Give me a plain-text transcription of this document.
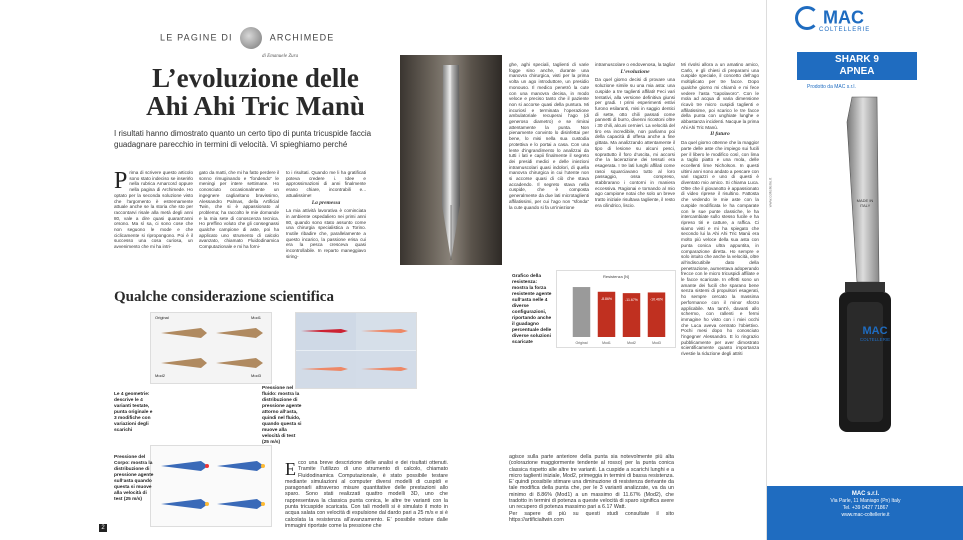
LE PAGINE DI	ARCHIMEDE
di Emanuele Zura
L’evoluzione delle
Ahi Ahi Tric Manù
I risultati hanno dimostrato quanto un certo tipo di punta tricuspide faccia guadagnare parecchio in termini di velocità. Vi spieghiamo perché
Prima di scrivere questo articolo sono stato indeciso se inserirlo nella rubrica Amarcord oppure nella pagina di Archimede. Ho optato per la seconda soluzione visto che l’argomento è estremamente attuale anche se la storia che sto per raccontarvi risale alla metà degli anni 80, vale a dire quasi quarant’anni orsono. Ma sì sa, ci sono cose che non seguono le mode e che ciclicamente si ripropongono. Poi è il successo una cosa curiosa, un avvenimento che mi ha intri-
gato da matti, che mi ha fatto perdere il sonno rimuginando e “fondendo” le meningi per intere settimane. Ho conosciuto occasionalmente un ingegnere cagliaritano bravissimo, Alessandro Palmas, della Artificial Twin, che si è appassionato al problema; ha raccolto le mie domande e la mia sete di conoscenza tecnica. Ho preffino voluto che gli consegnassi qualche campione di aste, poi ha applicato uno strumento di calcolo avanzato, chiamato Fluidodinamica Computazionale e mi ha forni-
to i risultati. Quando me li ha gratificati poteva credere i. Idee e approssimazioni di anni finalmente erano chiare, incontrabili e... attualissime!
La premessa
La mia attività lavorativa è cominciata in ambiente ospedaliero nei primi anni 80, quando sono stato assunto come una chirurgia specialistica a Torino. Inutile ribadire che, parallelamente a questo incarico, la passione erisa cui era la pesca cresceva quasi incontrollabile. In reparto maneggiavo siring-
ghe, aghi speciali, taglienti di varie fogge sino anche, durante una manovra chirurgica, visti per la prima volta un ago introduttore, un presidio monouso. Il medico penetrò la cute con una manovra decisa, in modo veloce e preciso tanto che il paziente non si accorse quasi della puntura. Mi incuriosì e terminata l’operazione ambulatoriale recuperai l’ago (di generoso diametro) e se rimirai attentamente la punta. Non pienamente convinto lo disinfettai per bene, lo misi nella sua custodia protettiva e lo portai a casa. Con una lente d’ingrandimento lo analizzai da tutti i lati e capii finalmente il segreto dei presidi medici e delle iniezioni intramuscolari quasi indolori, di quella manovra chirurgica in cui l’utente non si accorse quasi di ciò che stava accadendo. Il segreto stava nella cuspide, che è composta generalmente da due lati microtaglienti affilatissimi, per cui l’ago non “sfonda” la cute quando si fa un’iniezione
intramuscolare o endovenosa, la taglia!
L’evoluzione
Da quel giorno decisi di provare una soluzione simile su una mia asta: una cuspide a tre taglienti affilati! Feci vari tentativi, alla versione definitiva giunsi per gradi. I primi esperimenti estivi furono esilaranti, misi in saggio dentici di sette, otto chili passati come pannetti di burro, divenni ricostoni oltre i 30 chili, alcuni cernieri. La velocità del tiro era incredibile, non parliamo poi della capacità di offesa anche a fine gittata. Ma analizzando attentamente il tipo di lesione su alcuni pesci, soprattutto il foro d’uscita, mi accorsi che la lacerazione dei tessuti era esagerata. I tre lati lunghi affilati come rasoi squarciavano tutto al loro passaggio, ossa compreso, stabbrarano i contorni in maniera eccessiva. Ragionai e tornando al mio ago campione notai che solo un breve tratto iniziale risultava tagliente, il resto era cilindrico, liscio.
Mi rivolsi allora a un amatino amico, Carlo, e gli chiesi di preparami una cuspide speciale, il concetto dell’ago moltiplicato per tre facce. Dopo qualche giorno mi chiamò e mi fece vedere l’asta “capolavoro”. Con le mola ad acqua di varia dimensione ricavò tre micro cuspidi taglienti e affilatissime, poi scarico le tre facce della punta con unghiate lunghe e abbastanza incidenti. Nacque la prima Ahi Ahi Tric Manù.
Il futuro
Da quel giorno ottenne che la maggior parte delle aste che impiego sui fucili per il libero le modifico così, con lima a taglio piatto e una mola, delle eccellenti lime Nicholson. In questi ultimi anni sono andato a pescare con vari ragazzi e uno di questi è diventato mio amico. Si chiama Luca. Oltre che il giovanotto è appassionato di video riprese il risultino. Fattosta che vedendo le mie aste con la cuspide modificata le ha comparate con le sue punte classiche, le ha intercambiate sullo stesso fucile e ha ripreso tiri e catture, a raffica. Ci siamo visti e mi ha spiegato che secondo lui la Ahi Ahi Tric Manù era molto più veloce della sua asta con punta conica ultra appuntita, in comparazione diretta. Ho sempre e solo intuito che anche la velocità, oltre all’indiscutibile dato della penetrazione, aumentava adoperando frecce con le micro tricuspidi affilate e le facce scaricate. In effetti sono un amante dei fucili che sparano bene senza sistemi di propulsori esagerati, ho sempre cercato la massima performance con il minor sforzo applicabile. Ma tant’è, davanti allo schermo, con rallenti e fermi immagine ho visto con i miei occhi che Luca aveva centrato l’obiettivo. Pochi mesi dopo ho conosciuto l’ingegner Alessandro. E lo ringrazio pubblicamente per aver dimostrato scientificamente quanto importanza rivestie la riduzione degli attriti
Qualche considerazione scientifica
Original	Mod1
Mod2	Mod3
Le 4 geometrie: descrive le 4 varianti testate, punta originale e 3 modifiche con variazioni degli scarichi
Pressione nel fluido: mostra la distribuzione di pressione agente attorno all’asta, quindi nel fluido, quando questa si muove alla velocità di test (25 m/s)
Pressione del Corpo: mostra la distribuzione di pressione agente sull’asta quando questa si muove alla velocità di test (25 m/s)
Ecco una breve descrizione delle analisi e dei risultati ottenuti. Tramite l’utilizzo di uno strumento di calcolo, chiamato Fluidodinamica Computazionale, è stato possibile testare mediante simulazioni al computer diversi modelli di cuspidi e paragonarli attraverso misure quantitative delle prestazioni allo sparo. Sono stati realizzati quattro modelli 3D, uno che rappresentava la classica punta conica, le altre tre varianti con la punta tricuspide scaricata. Con tali modelli si è simulato il moto in acqua salata con velocità di espulsione dal dardo pari a 25 m/s e si è calcolata la resistenza all’avanzamento. E’ possibile notare dalle immagini riportate come la pressione che
agisce sulla parte anteriore della punta sia notevolmente più alta (colorazione maggiormente tendente al rosso) per la punta conica classica rispetto alle altre tre varianti. La cuspide a scarichi lunghi e a micro taglienti iniziale, Mod2, primeggia in termini di bassa resistenza. E’ quindi possibile stimare una diminuzione di resistenza derivante da tale modifica della punta che, per le 3 varianti analizzate, va da un minimo di 8.86% (Mod1) a un massimo di 11.67% (Mod2), che tradotto in termini di potenza a queste velocità di sparo significa avere un recupero di potenza massimo pari a 6.17 Watt.
Per sapere di più su questi studi consultate il sito https://artificialtwin.com
Grafico della resistenza: mostra la forza resistente agente sull’asta nelle 4 diverse configurazioni, riportando anche il guadagno percentuale delle diverse soluzioni scaricate
Resistenza [N]
Original	Mod1
-8.86%
Mod2
-11.67%
Mod3
-10.46%
2
MAC
COLTELLERIE
SHARK 9
APNEA
Prodotto da MAC s.r.l.
www.coltellerie.it	MADE IN ITALY
MAC
COLTELLERIE
MAC s.r.l.
Via Parle, 11 Maniago (Pn) Italy
Tel. +39 0427 71867
www.mac-coltellerie.it
